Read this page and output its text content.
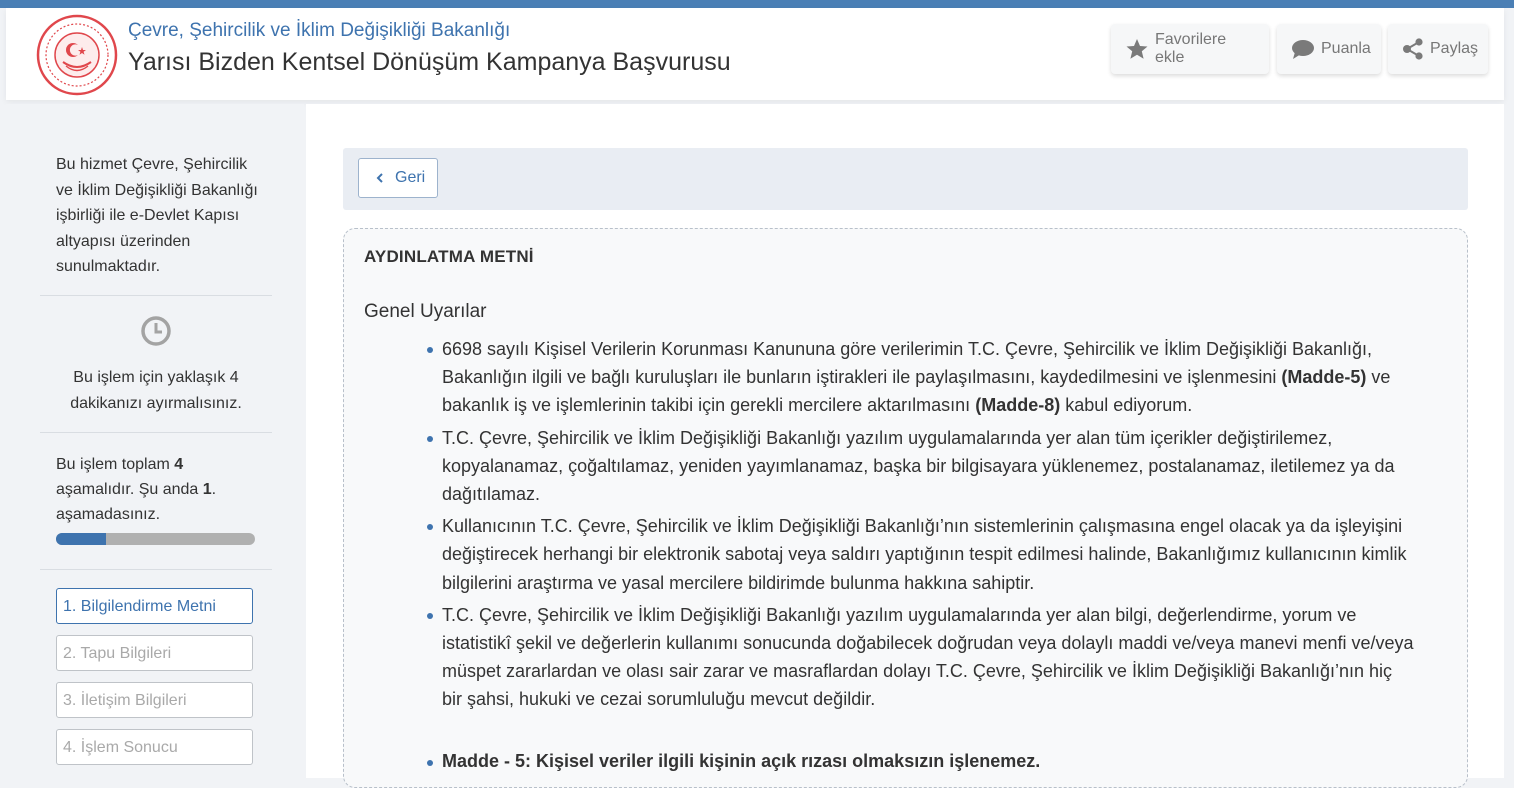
Çevre, Şehircilik ve İklim Değişikliği Bakanlığı
Yarısı Bizden Kentsel Dönüşüm Kampanya Başvurusu
Favorilere ekle
Puanla	Paylaş
Bu hizmet Çevre, Şehircilik ve İklim Değişikliği Bakanlığı işbirliği ile e-Devlet Kapısı altyapısı üzerinden sunulmaktadır.
Bu işlem için yaklaşık 4 dakikanızı ayırmalısınız.
Bu işlem toplam 4 aşamalıdır. Şu anda 1. aşamadasınız.
1. Bilgilendirme Metni
2. Tapu Bilgileri
3. İletişim Bilgileri
4. İşlem Sonucu
Geri
AYDINLATMA METNİ
Genel Uyarılar
6698 sayılı Kişisel Verilerin Korunması Kanununa göre verilerimin T.C. Çevre, Şehircilik ve İklim Değişikliği Bakanlığı, Bakanlığın ilgili ve bağlı kuruluşları ile bunların iştirakleri ile paylaşılmasını, kaydedilmesini ve işlenmesini (Madde-5) ve bakanlık iş ve işlemlerinin takibi için gerekli mercilere aktarılmasını (Madde-8) kabul ediyorum.
T.C. Çevre, Şehircilik ve İklim Değişikliği Bakanlığı yazılım uygulamalarında yer alan tüm içerikler değiştirilemez, kopyalanamaz, çoğaltılamaz, yeniden yayımlanamaz, başka bir bilgisayara yüklenemez, postalanamaz, iletilemez ya da dağıtılamaz.
Kullanıcının T.C. Çevre, Şehircilik ve İklim Değişikliği Bakanlığı’nın sistemlerinin çalışmasına engel olacak ya da işleyişini değiştirecek herhangi bir elektronik sabotaj veya saldırı yaptığının tespit edilmesi halinde, Bakanlığımız kullanıcının kimlik bilgilerini araştırma ve yasal mercilere bildirimde bulunma hakkına sahiptir.
T.C. Çevre, Şehircilik ve İklim Değişikliği Bakanlığı yazılım uygulamalarında yer alan bilgi, değerlendirme, yorum ve istatistikî şekil ve değerlerin kullanımı sonucunda doğabilecek doğrudan veya dolaylı maddi ve/veya manevi menfi ve/veya müspet zararlardan ve olası sair zarar ve masraflardan dolayı T.C. Çevre, Şehircilik ve İklim Değişikliği Bakanlığı’nın hiç bir şahsi, hukuki ve cezai sorumluluğu mevcut değildir.
Madde - 5: Kişisel veriler ilgili kişinin açık rızası olmaksızın işlenemez.
